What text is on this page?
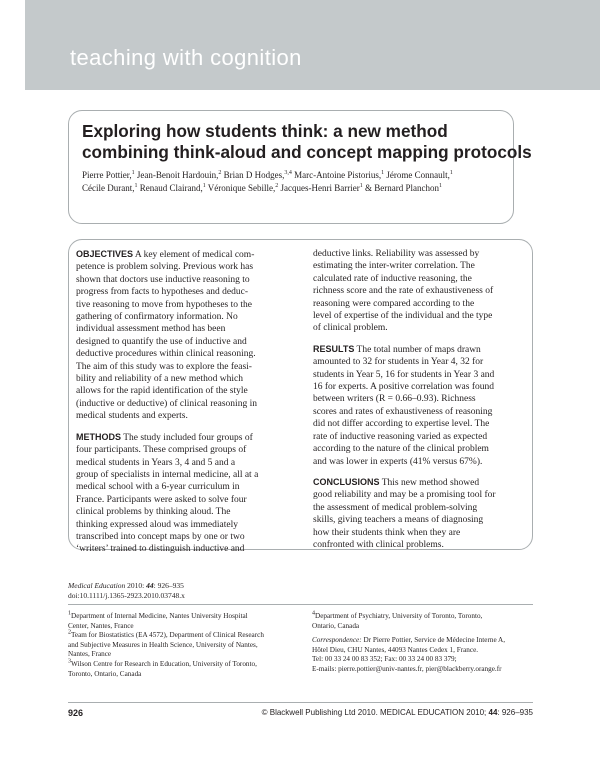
teaching with cognition
Exploring how students think: a new method
combining think-aloud and concept mapping protocols
Pierre Pottier,$^1$ Jean-Benoit Hardouin,$^2$ Brian D Hodges,$^{3,4}$ Marc-Antoine Pistorius,$^1$ Jérome Connault,$^1$
Cécile Durant,$^1$ Renaud Clairand,$^1$ Véronique Sebille,$^2$ Jacques-Henri Barrier$^1$ & Bernard Planchon$^1$

OBJECTIVES A key element of medical com-
petence is problem solving. Previous work has
shown that doctors use inductive reasoning to
progress from facts to hypotheses and deduc-
tive reasoning to move from hypotheses to the
gathering of confirmatory information. No
individual assessment method has been
designed to quantify the use of inductive and
deductive procedures within clinical reasoning.
The aim of this study was to explore the feasi-
bility and reliability of a new method which
allows for the rapid identification of the style
(inductive or deductive) of clinical reasoning in
medical students and experts.

METHODS The study included four groups of
four participants. These comprised groups of
medical students in Years 3, 4 and 5 and a
group of specialists in internal medicine, all at a
medical school with a 6-year curriculum in
France. Participants were asked to solve four
clinical problems by thinking aloud. The
thinking expressed aloud was immediately
transcribed into concept maps by one or two
‘writers’ trained to distinguish inductive and

deductive links. Reliability was assessed by
estimating the inter-writer correlation. The
calculated rate of inductive reasoning, the
richness score and the rate of exhaustiveness of
reasoning were compared according to the
level of expertise of the individual and the type
of clinical problem.

RESULTS The total number of maps drawn
amounted to 32 for students in Year 4, 32 for
students in Year 5, 16 for students in Year 3 and
16 for experts. A positive correlation was found
between writers (R = 0.66–0.93). Richness
scores and rates of exhaustiveness of reasoning
did not differ according to expertise level. The
rate of inductive reasoning varied as expected
according to the nature of the clinical problem
and was lower in experts (41% versus 67%).

CONCLUSIONS This new method showed
good reliability and may be a promising tool for
the assessment of medical problem-solving
skills, giving teachers a means of diagnosing
how their students think when they are
confronted with clinical problems.

Medical Education 2010: 44: 926–935
doi:10.1111/j.1365-2923.2010.03748.x
$^1$Department of Internal Medicine, Nantes University Hospital
Center, Nantes, France
$^2$Team for Biostatistics (EA 4572), Department of Clinical Research
and Subjective Measures in Health Science, University of Nantes,
Nantes, France
$^3$Wilson Centre for Research in Education, University of Toronto,
Toronto, Ontario, Canada
$^4$Department of Psychiatry, University of Toronto, Toronto,
Ontario, Canada
Correspondence: Dr Pierre Pottier, Service de Médecine Interne A,
Hôtel Dieu, CHU Nantes, 44093 Nantes Cedex 1, France.
Tel: 00 33 24 00 83 352; Fax: 00 33 24 00 83 379;
E-mails: pierre.pottier@univ-nantes.fr, pier@blackberry.orange.fr
926	© Blackwell Publishing Ltd 2010. MEDICAL EDUCATION 2010; 44: 926–935
